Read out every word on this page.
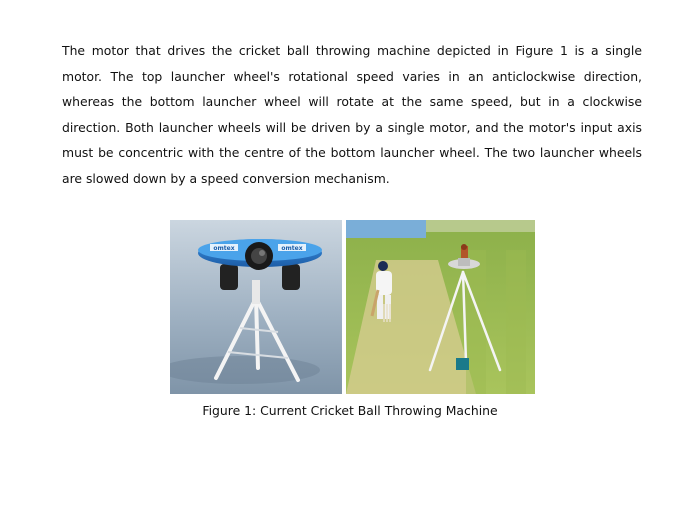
The motor that drives the cricket ball throwing machine depicted in Figure 1 is a single motor. The top launcher wheel's rotational speed varies in an anticlockwise direction, whereas the bottom launcher wheel will rotate at the same speed, but in a clockwise direction. Both launcher wheels will be driven by a single motor, and the motor's input axis must be concentric with the centre of the bottom launcher wheel. The two launcher wheels are slowed down by a speed conversion mechanism.

omtex	omtex

Figure 1: Current Cricket Ball Throwing Machine
